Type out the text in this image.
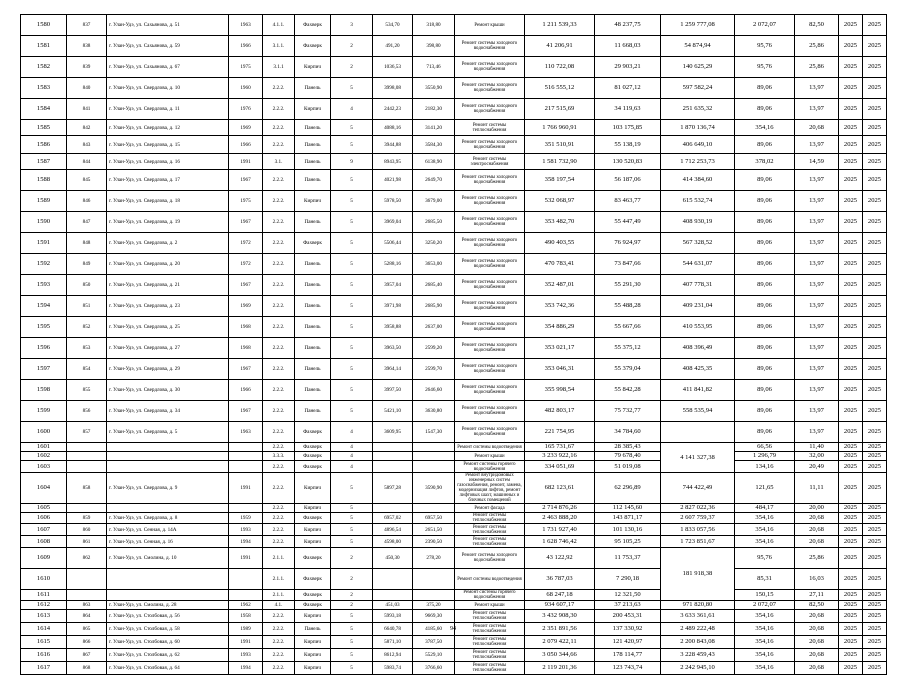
1580	837	г. Улан-Удэ, ул. Сахьянова, д. 51	1963	4.1.1.	Фахверк	3	534,70	318,80	Ремонт крыши	1 211 539,33	48 237,75	1 259 777,08	2 072,07	82,50	2025	2025
1581	838	г. Улан-Удэ, ул. Сахьянова, д. 59	1966	3.1.1.	Фахверк	2	491,20	398,80	Ремонт системы холодного водоснабжения	41 206,91	11 668,03	54 874,94	95,76	25,86	2025	2025
1582	839	г. Улан-Удэ, ул. Сахьянова, д. 67	1975	3.1.1	Кирпич	2	1036,53	713,46	Ремонт системы холодного водоснабжения	110 722,08	29 903,21	140 625,29	95,76	25,86	2025	2025
1583	840	г. Улан-Удэ, ул. Свердлова, д. 10	1960	2.2.2.	Панель	5	3998,08	3550,90	Ремонт системы холодного водоснабжения	516 555,12	81 027,12	597 582,24	89,06	13,97	2025	2025
1584	841	г. Улан-Удэ, ул. Свердлова, д. 11	1976	2.2.2.	Кирпич	4	2442,23	2182,30	Ремонт системы холодного водоснабжения	217 515,69	34 119,63	251 635,32	89,06	13,97	2025	2025
1585	842	г. Улан-Удэ, ул. Свердлова, д. 12	1969	2.2.2.	Панель	5	4088,16	3141,20	Ремонт системы теплоснабжения	1 766 960,91	103 175,85	1 870 136,74	354,16	20,68	2025	2025
1586	843	г. Улан-Удэ, ул. Свердлова, д. 15	1966	2.2.2.	Панель	5	3944,88	3584,30	Ремонт системы холодного водоснабжения	351 510,91	55 138,19	406 649,10	89,06	13,97	2025	2025
1587	844	г. Улан-Удэ, ул. Свердлова, д. 16	1991	3.1.	Панель	9	8943,95	6138,90	Ремонт системы электроснабжения	1 581 732,90	130 520,83	1 712 253,73	378,02	14,59	2025	2025
1588	845	г. Улан-Удэ, ул. Свердлова, д. 17	1967	2.2.2.	Панель	5	4021,98	2649,70	Ремонт системы холодного водоснабжения	358 197,54	56 187,06	414 384,60	89,06	13,97	2025	2025
1589	846	г. Улан-Удэ, ул. Свердлова, д. 18	1975	2.2.2.	Кирпич	5	5978,50	3679,00	Ремонт системы холодного водоснабжения	532 068,97	83 463,77	615 532,74	89,06	13,97	2025	2025
1590	847	г. Улан-Удэ, ул. Свердлова, д. 19	1967	2.2.2.	Панель	5	3969,04	2685,50	Ремонт системы холодного водоснабжения	353 482,70	55 447,49	408 930,19	89,06	13,97	2025	2025
1591	848	г. Улан-Удэ, ул. Свердлова, д. 2	1972	2.2.2.	Фахверк	5	5506,44	3250,20	Ремонт системы холодного водоснабжения	490 403,55	76 924,97	567 328,52	89,06	13,97	2025	2025
1592	849	г. Улан-Удэ, ул. Свердлова, д. 20	1972	2.2.2.	Панель	5	5288,16	3653,00	Ремонт системы холодного водоснабжения	470 783,41	73 847,66	544 631,07	89,06	13,97	2025	2025
1593	850	г. Улан-Удэ, ул. Свердлова, д. 21	1967	2.2.2.	Панель	5	3957,04	2685,40	Ремонт системы холодного водоснабжения	352 487,01	55 291,30	407 778,31	89,06	13,97	2025	2025
1594	851	г. Улан-Удэ, ул. Свердлова, д. 23	1969	2.2.2.	Панель	5	3971,98	2685,90	Ремонт системы холодного водоснабжения	353 742,36	55 488,28	409 231,04	89,06	13,97	2025	2025
1595	852	г. Улан-Удэ, ул. Свердлова, д. 25	1968	2.2.2.	Панель	5	3958,88	2637,00	Ремонт системы холодного водоснабжения	354 886,29	55 667,66	410 553,95	89,06	13,97	2025	2025
1596	853	г. Улан-Удэ, ул. Свердлова, д. 27	1968	2.2.2.	Панель	5	3963,50	2599,20	Ремонт системы холодного водоснабжения	353 021,17	55 375,12	408 396,49	89,06	13,97	2025	2025
1597	854	г. Улан-Удэ, ул. Свердлова, д. 29	1967	2.2.2.	Панель	5	3964,14	2599,70	Ремонт системы холодного водоснабжения	353 046,31	55 379,04	408 425,35	89,06	13,97	2025	2025
1598	855	г. Улан-Удэ, ул. Свердлова, д. 30	1966	2.2.2.	Панель	5	3997,50	2646,60	Ремонт системы холодного водоснабжения	355 998,54	55 842,28	411 841,82	89,06	13,97	2025	2025
1599	856	г. Улан-Удэ, ул. Свердлова, д. 34	1967	2.2.2.	Панель	5	5421,10	3630,80	Ремонт системы холодного водоснабжения	482 803,17	75 732,77	558 535,94	89,06	13,97	2025	2025
1600	857	г. Улан-Удэ, ул. Свердлова, д. 5	1963	2.2.2.	Фахверк	4	3609,95	1547,30	Ремонт системы холодного водоснабжения	221 754,95	34 784,60		89,06	13,97	2025	2025
1601				2.2.2.	Фахверк	4			Ремонт системы водоотведения	165 731,67	28 385,43	4 141 327,38	66,56	11,40	2025	2025
1602				3.3.3.	Фахверк	4			Ремонт крыши	3 233 922,16	79 678,40		1 296,79	32,00	2025	2025
1603				2.2.2.	Фахверк	4			Ремонт системы горячего водоснабжения	334 051,69	51 019,08		134,16	20,49	2025	2025
1604	858	г. Улан-Удэ, ул. Свердлова, д. 9	1991	2.2.2.	Кирпич	5	5897,28	3590,90	Ремонт внутридомовых инженерных систем газоснабжения, ремонт, замена, модернизация лифтов, ремонт лифтовых шахт, машинных и блочных помещений	682 123,61	62 296,89	744 422,49	121,65	11,11	2025	2025
1605				2.2.2.	Кирпич	5			Ремонт фасада	2 714 876,26	112 145,60	2 827 022,36	484,17	20,00	2025	2025
1606	859	г. Улан-Удэ, ул. Свердлова, д. 8	1959	2.2.2.	Фахверк	5	6957,02	6957,50	Ремонт системы теплоснабжения	2 463 888,20	143 871,17	2 607 759,37	354,16	20,68	2025	2025
1607	860	г. Улан-Удэ, ул. Сенная, д. 14А	1993	2.2.2.	Кирпич	5	4896,54	2651,50	Ремонт системы теплоснабжения	1 731 927,40	101 130,16	1 833 057,56	354,16	20,68	2025	2025
1608	861	г. Улан-Удэ, ул. Сенная, д. 16	1994	2.2.2.	Кирпич	5	4598,00	2390,50	Ремонт системы теплоснабжения	1 628 746,42	95 105,25	1 723 851,67	354,16	20,68	2025	2025
1609	862	г. Улан-Удэ, ул. Смолина, д. 10	1991	2.1.1.	Фахверк	2	450,30	278,20	Ремонт системы холодного водоснабжения	43 122,92	11 753,37	181 918,38	95,76	25,86	2025	2025
1610				2.1.1.	Фахверк	2			Ремонт системы водоотведения	36 787,03	7 290,18		85,31	16,03	2025	2025
1611				2.1.1.	Фахверк	2			Ремонт системы горячего водоснабжения	68 247,18	12 321,50		150,15	27,11	2025	2025
1612	863	г. Улан-Удэ, ул. Смолина, д. 28	1962	4.1.	Фахверк	2	451,03	375,20	Ремонт крыши	934 607,17	37 213,63	971 820,80	2 072,07	82,50	2025	2025
1613	864	г. Улан-Удэ, ул. Столбовая, д. 56	1958	2.2.2.	Кирпич	5	5993,18	9669,30	Ремонт системы теплоснабжения	3 432 908,30	200 453,31	3 633 361,61	354,16	20,68	2025	2025
1614	865	г. Улан-Удэ, ул. Столбовая, д. 58	1989	2.2.2.	Панель	5	6640,78	4185,60	Ремонт системы теплоснабжения	2 351 891,56	137 330,92	2 489 222,48	354,16	20,68	2025	2025
1615	866	г. Улан-Удэ, ул. Столбовая, д. 60	1991	2.2.2.	Кирпич	5	5871,10	3787,50	Ремонт системы теплоснабжения	2 079 422,11	121 420,97	2 200 843,08	354,16	20,68	2025	2025
1616	867	г. Улан-Удэ, ул. Столбовая, д. 62	1993	2.2.2.	Кирпич	5	8612,94	5529,10	Ремонт системы теплоснабжения	3 050 344,66	178 114,77	3 228 459,43	354,16	20,68	2025	2025
1617	868	г. Улан-Удэ, ул. Столбовая, д. 64	1994	2.2.2.	Кирпич	5	5983,74	3766,60	Ремонт системы теплоснабжения	2 119 201,36	123 743,74	2 242 945,10	354,16	20,68	2025	2025
94
